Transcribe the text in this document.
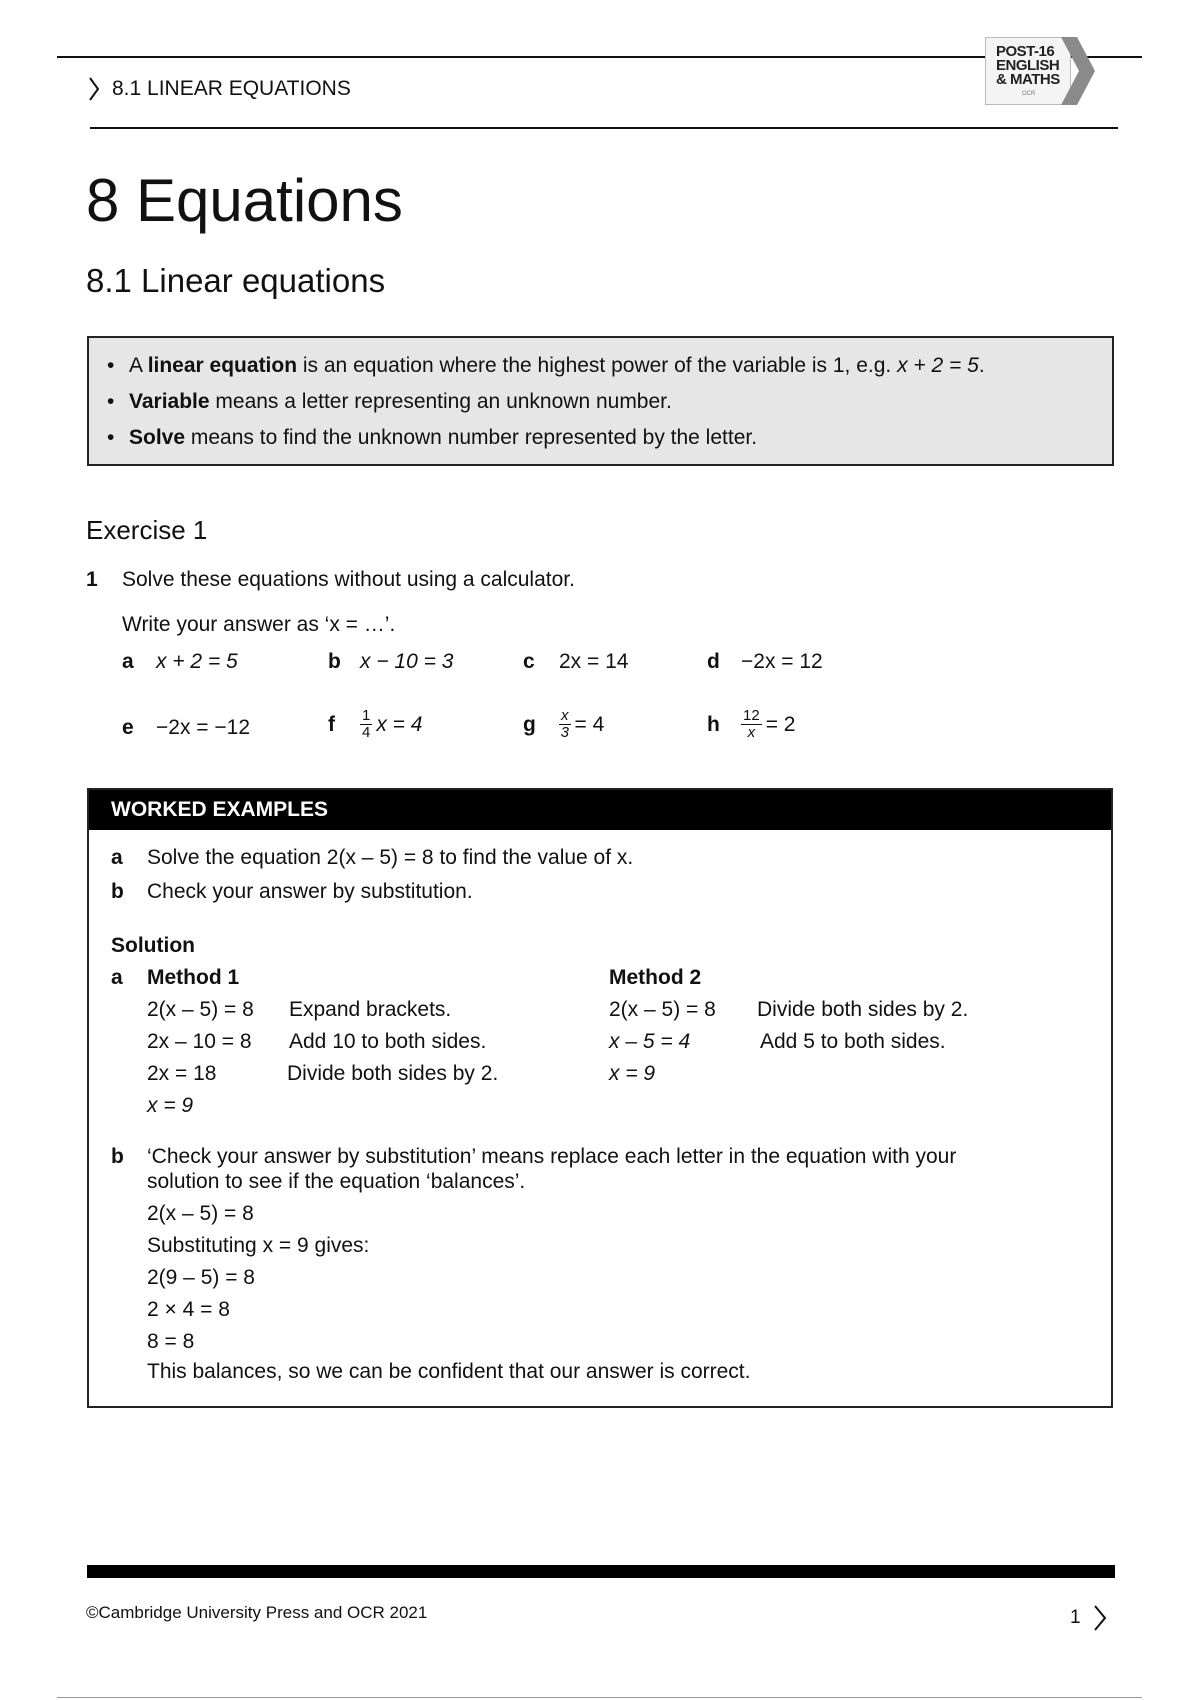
8.1 LINEAR EQUATIONS
POST-16
ENGLISH
& MATHS
OCR
8 Equations
8.1 Linear equations
• A linear equation is an equation where the highest power of the variable is 1, e.g. x + 2 = 5.
• Variable means a letter representing an unknown number.
• Solve means to find the unknown number represented by the letter.
Exercise 1
1 Solve these equations without using a calculator.
Write your answer as ‘x = …’.
a	x + 2 = 5	b x − 10 = 3	c	2x = 14	d	−2x = 12
e	−2x = −12	f	$\frac{1}{4}$ x = 4	g	$\frac{x}{3} = 4$	h	$\frac{12}{x} = 2$
WORKED EXAMPLES
a Solve the equation 2(x – 5) = 8 to find the value of x.
b Check your answer by substitution.
Solution
a Method 1
2(x – 5) = 8 Expand brackets.
2x – 10 = 8 Add 10 to both sides.
2x = 18	Divide both sides by 2.
x = 9
Method 2
2(x – 5) = 8 Divide both sides by 2.
x – 5 = 4	Add 5 to both sides.
x = 9
b ‘Check your answer by substitution’ means replace each letter in the equation with your
solution to see if the equation ‘balances’.
2(x – 5) = 8
Substituting x = 9 gives:
2(9 – 5) = 8
2 × 4 = 8
8 = 8
This balances, so we can be confident that our answer is correct.
©Cambridge University Press and OCR 2021	1
